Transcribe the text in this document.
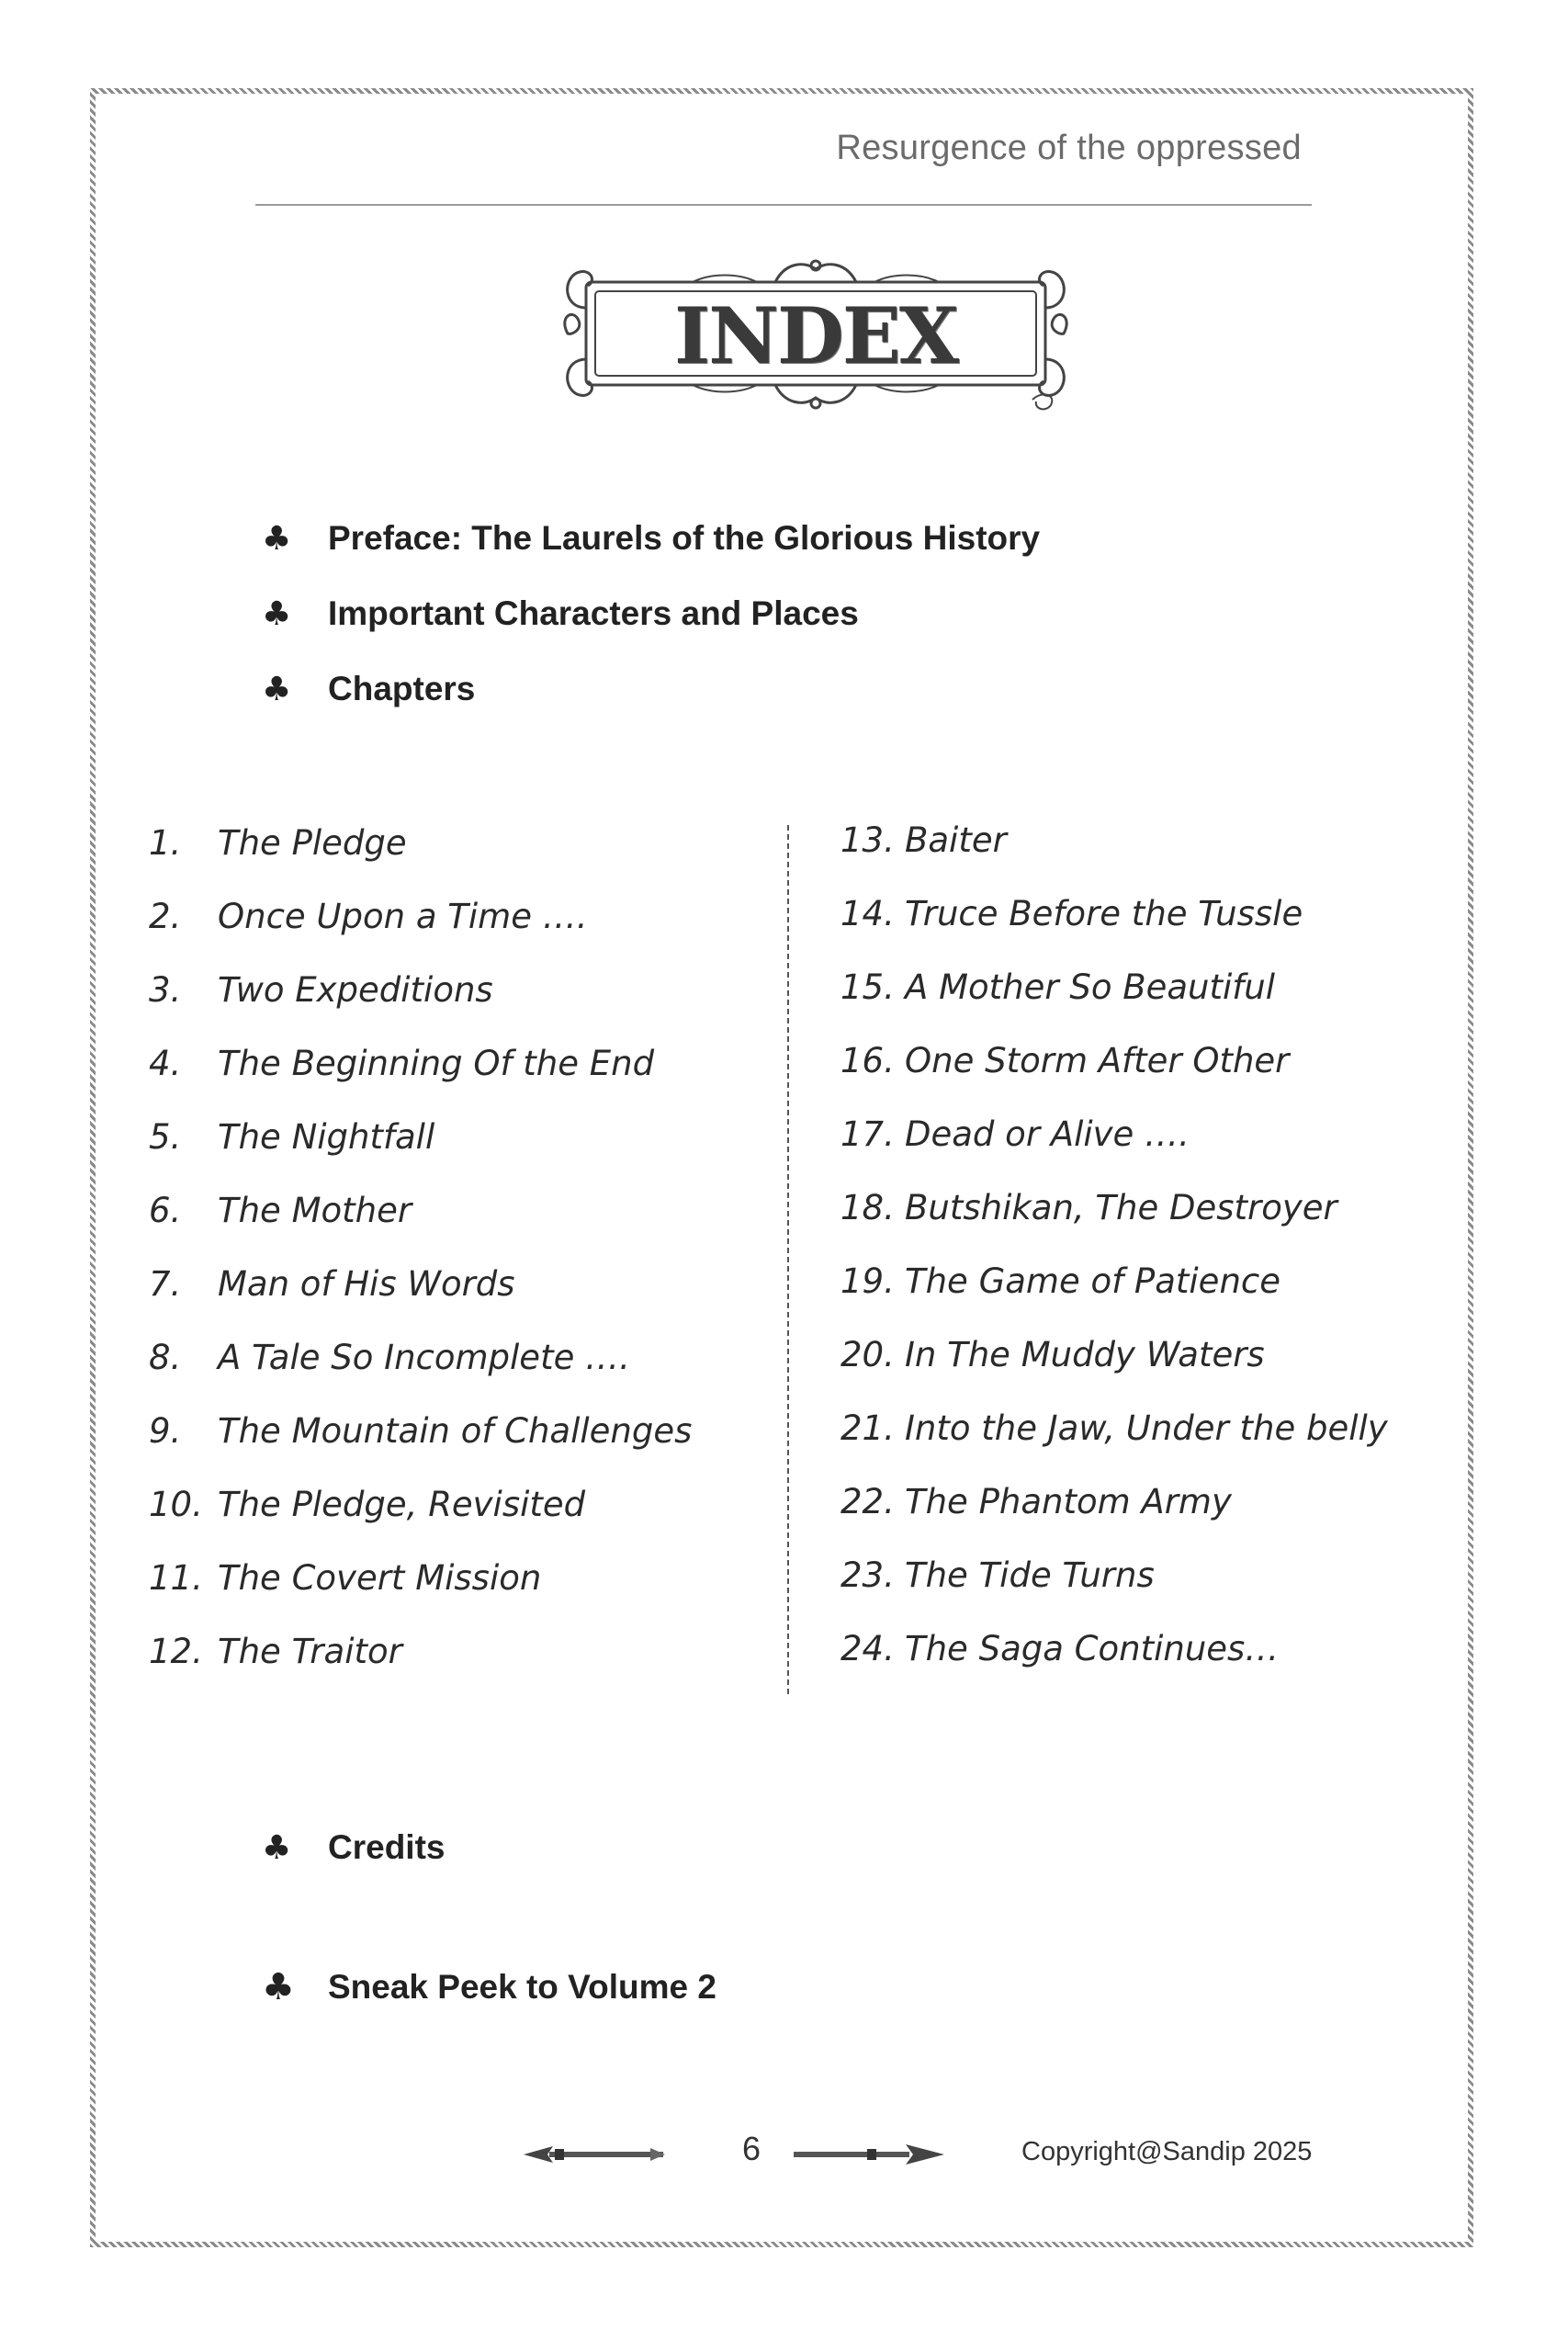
Resurgence of the oppressed
INDEX
♣	Preface: The Laurels of the Glorious History
♣	Important Characters and Places
♣	Chapters
1.	The Pledge
2.	Once Upon a Time ….
3.	Two Expeditions
4.	The Beginning Of the End
5.	The Nightfall
6.	The Mother
7.	Man of His Words
8.	A Tale So Incomplete ….
9.	The Mountain of Challenges
10. The Pledge, Revisited
11. The Covert Mission
12. The Traitor
13. Baiter
14. Truce Before the Tussle
15. A Mother So Beautiful
16. One Storm After Other
17. Dead or Alive ….
18. Butshikan, The Destroyer
19. The Game of Patience
20. In The Muddy Waters
21. Into the Jaw, Under the belly
22. The Phantom Army
23. The Tide Turns
24. The Saga Continues…
♣	Credits
♣ Sneak Peek to Volume 2
6	Copyright@Sandip 2025
